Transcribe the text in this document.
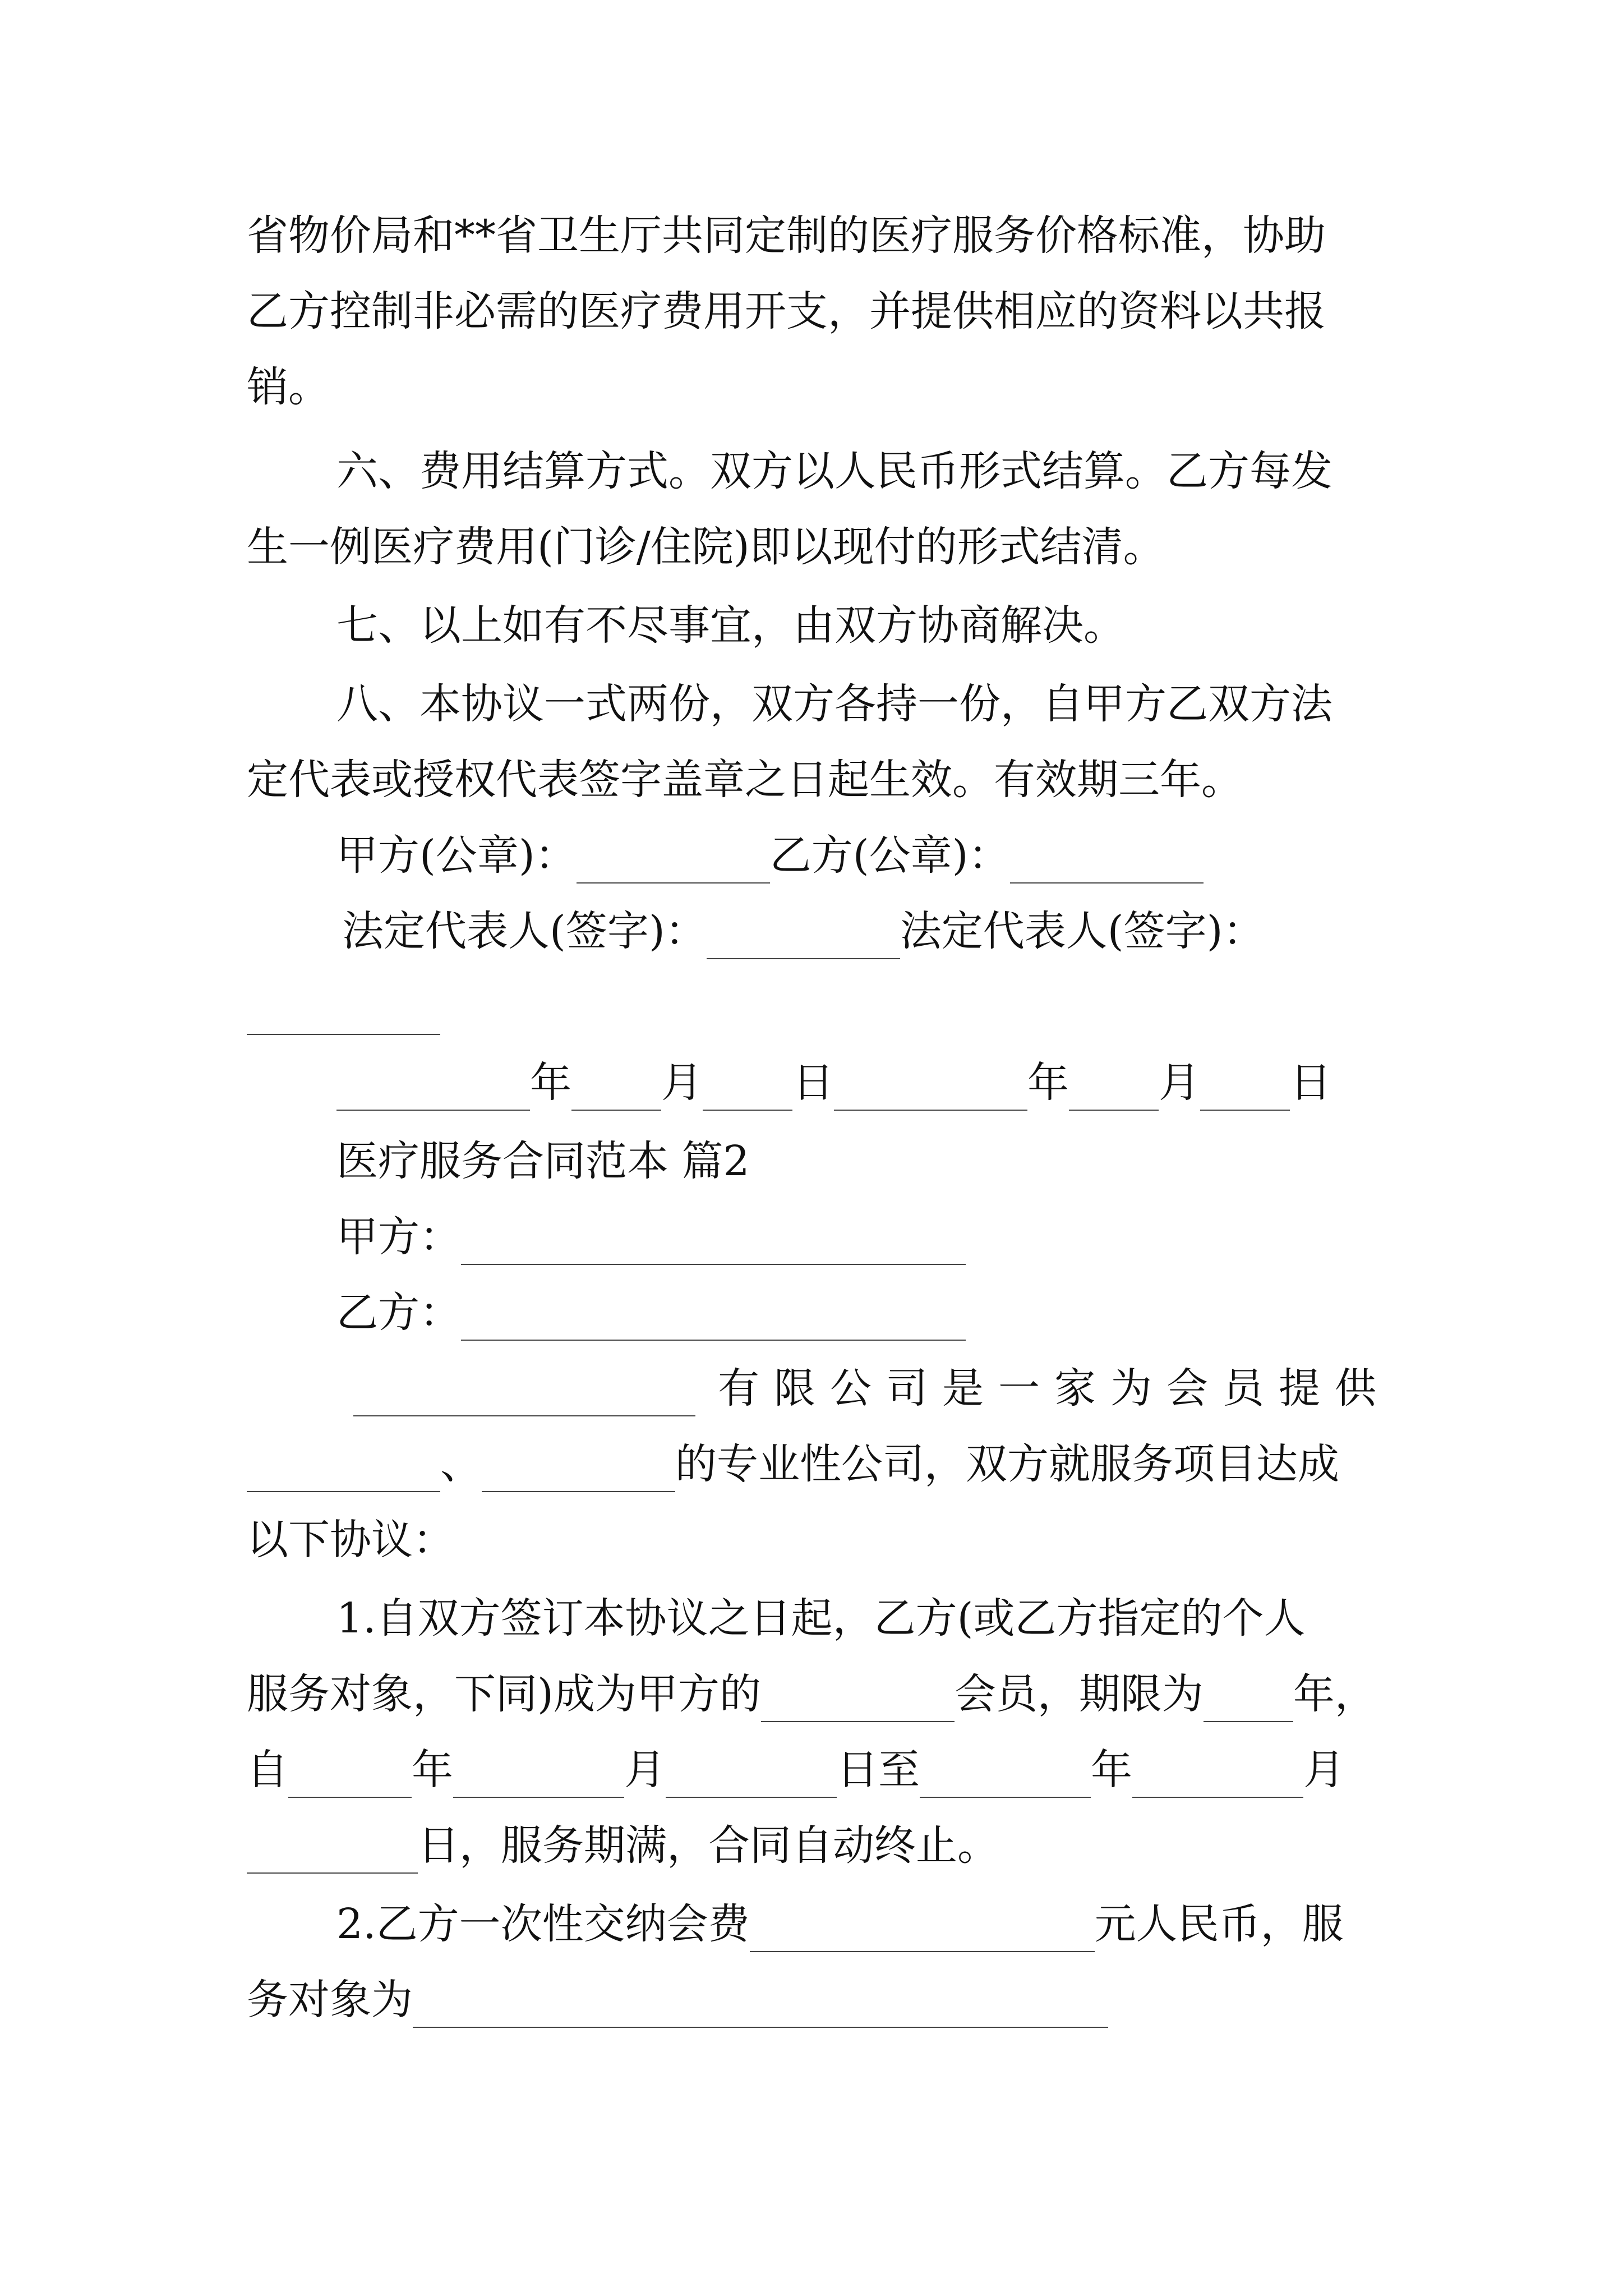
省物价局和**省卫生厅共同定制的医疗服务价格标准，协助
乙方控制非必需的医疗费用开支，并提供相应的资料以共报
销。
六、费用结算方式。双方以人民币形式结算。乙方每发
生一例医疗费用(门诊/住院)即以现付的形式结清。
七、以上如有不尽事宜，由双方协商解决。
八、本协议一式两份，双方各持一份，自甲方乙双方法
定代表或授权代表签字盖章之日起生效。有效期三年。
甲方(公章)：	乙方(公章)：
法定代表人(签字)：	法定代表人(签字)：
年 月 日	年 月 日
医疗服务合同范本 篇2
甲方：
乙方：
有限公司是一家为会员提供
、	的专业性公司，双方就服务项目达成
以下协议：
1.自双方签订本协议之日起，乙方(或乙方指定的个人
服务对象，下同)成为甲方的	会员，期限为 年，
自	年	月	日至	年	月
日，服务期满，合同自动终止。
2.乙方一次性交纳会费	元人民币，服
务对象为
